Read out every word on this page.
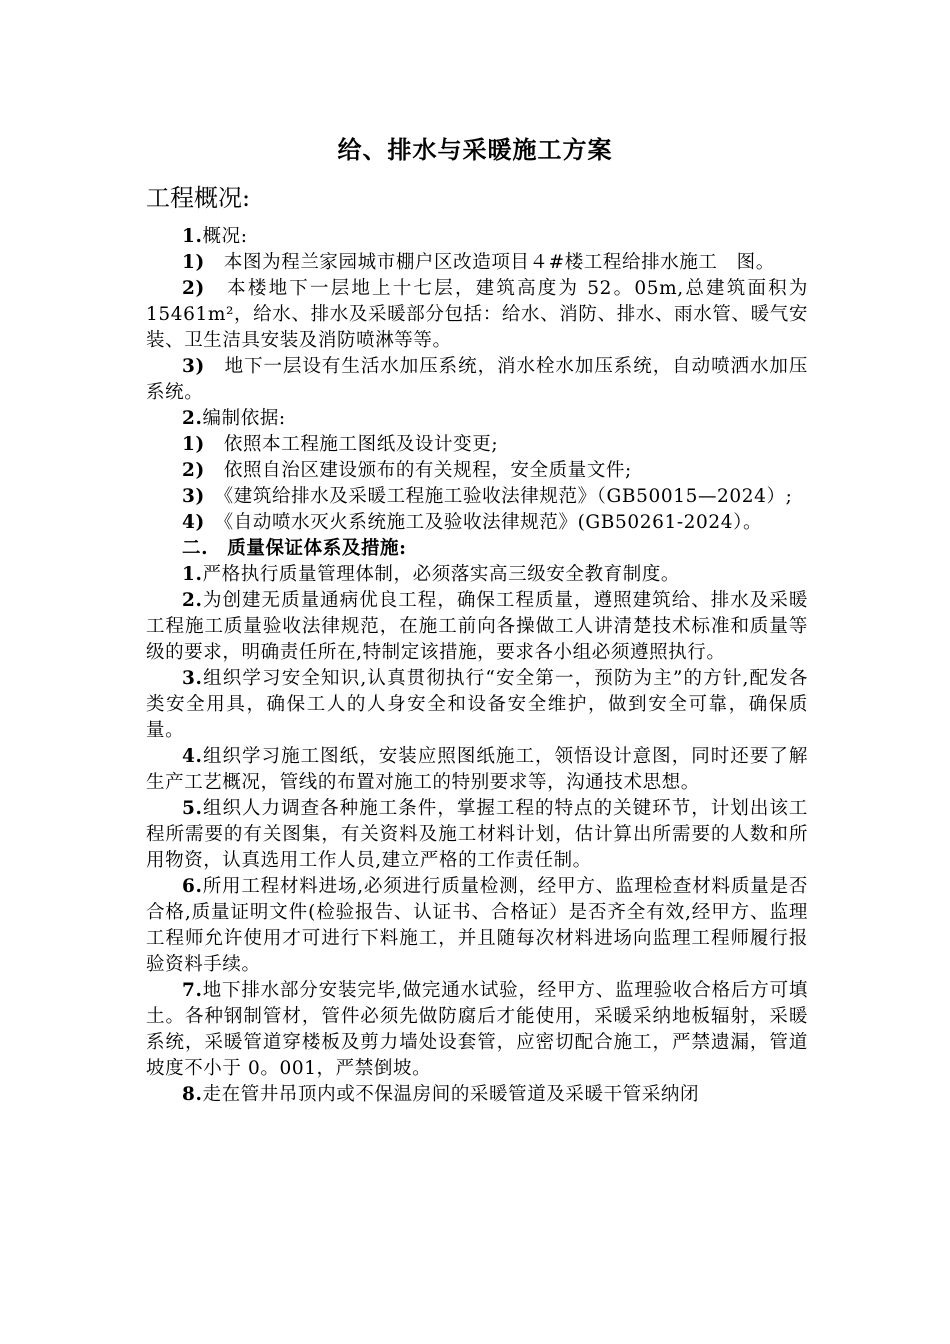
给、排水与采暖施工方案
工程概况:

1.概况:

1)　本图为程兰家园城市棚户区改造项目４#楼工程给排水施工　图。

2)　本楼地下一层地上十七层，建筑高度为 52。05m,总建筑面积为 15461m²，给水、排水及采暖部分包括：给水、消防、排水、雨水管、暖气安装、卫生洁具安装及消防喷淋等等。

3)　地下一层设有生活水加压系统，消水栓水加压系统，自动喷洒水加压系统。

2.编制依据:

1)　依照本工程施工图纸及设计变更;

2)　依照自治区建设颁布的有关规程，安全质量文件;

3)　《建筑给排水及采暖工程施工验收法律规范》（GB50015—2024）;

4)　《自动喷水灭火系统施工及验收法律规范》(GB50261-2024）。

二.　质量保证体系及措施:

1.严格执行质量管理体制，必须落实高三级安全教育制度。

2.为创建无质量通病优良工程，确保工程质量，遵照建筑给、排水及采暖工程施工质量验收法律规范，在施工前向各操做工人讲清楚技术标准和质量等级的要求，明确责任所在,特制定该措施，要求各小组必须遵照执行。

3.组织学习安全知识,认真贯彻执行“安全第一，预防为主”的方针,配发各类安全用具，确保工人的人身安全和设备安全维护，做到安全可靠，确保质量。

4.组织学习施工图纸，安装应照图纸施工，领悟设计意图，同时还要了解生产工艺概况，管线的布置对施工的特别要求等，沟通技术思想。

5.组织人力调查各种施工条件，掌握工程的特点的关键环节，计划出该工程所需要的有关图集，有关资料及施工材料计划，估计算出所需要的人数和所用物资，认真选用工作人员,建立严格的工作责任制。

6.所用工程材料进场,必须进行质量检测，经甲方、监理检查材料质量是否合格,质量证明文件(检验报告、认证书、合格证）是否齐全有效,经甲方、监理工程师允许使用才可进行下料施工，并且随每次材料进场向监理工程师履行报验资料手续。

7.地下排水部分安装完毕,做完通水试验，经甲方、监理验收合格后方可填土。各种钢制管材，管件必须先做防腐后才能使用，采暖采纳地板辐射，采暖系统，采暖管道穿楼板及剪力墙处设套管，应密切配合施工，严禁遗漏，管道坡度不小于 0。001，严禁倒坡。

8.走在管井吊顶内或不保温房间的采暖管道及采暖干管采纳闭
